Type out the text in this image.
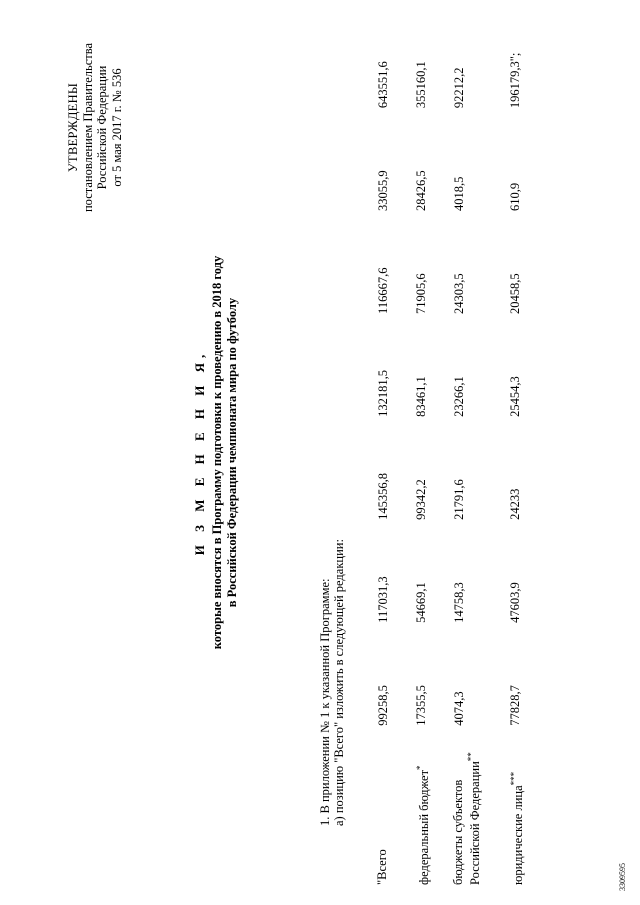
УТВЕРЖДЕНЫ постановлением Правительства Российской Федерации от 5 мая 2017 г. № 536
И З М Е Н Е Н И Я, которые вносятся в Программу подготовки к проведению в 2018 году в Российской Федерации чемпионата мира по футболу
1. В приложении № 1 к указанной Программе: а) позицию "Всего" изложить в следующей редакции:
"Всего	99258,5	117031,3	145356,8	132181,5	116667,6	33055,9	643551,6
федеральный бюджет*	17355,5	54669,1	99342,2	83461,1	71905,6	28426,5	355160,1
бюджеты субъектов Российской Федерации**	4074,3	14758,3	21791,6	23266,1	24303,5	4018,5	92212,2
юридические лица***	77828,7	47603,9	24233	25454,3	20458,5	610,9	196179,3";
3309595
